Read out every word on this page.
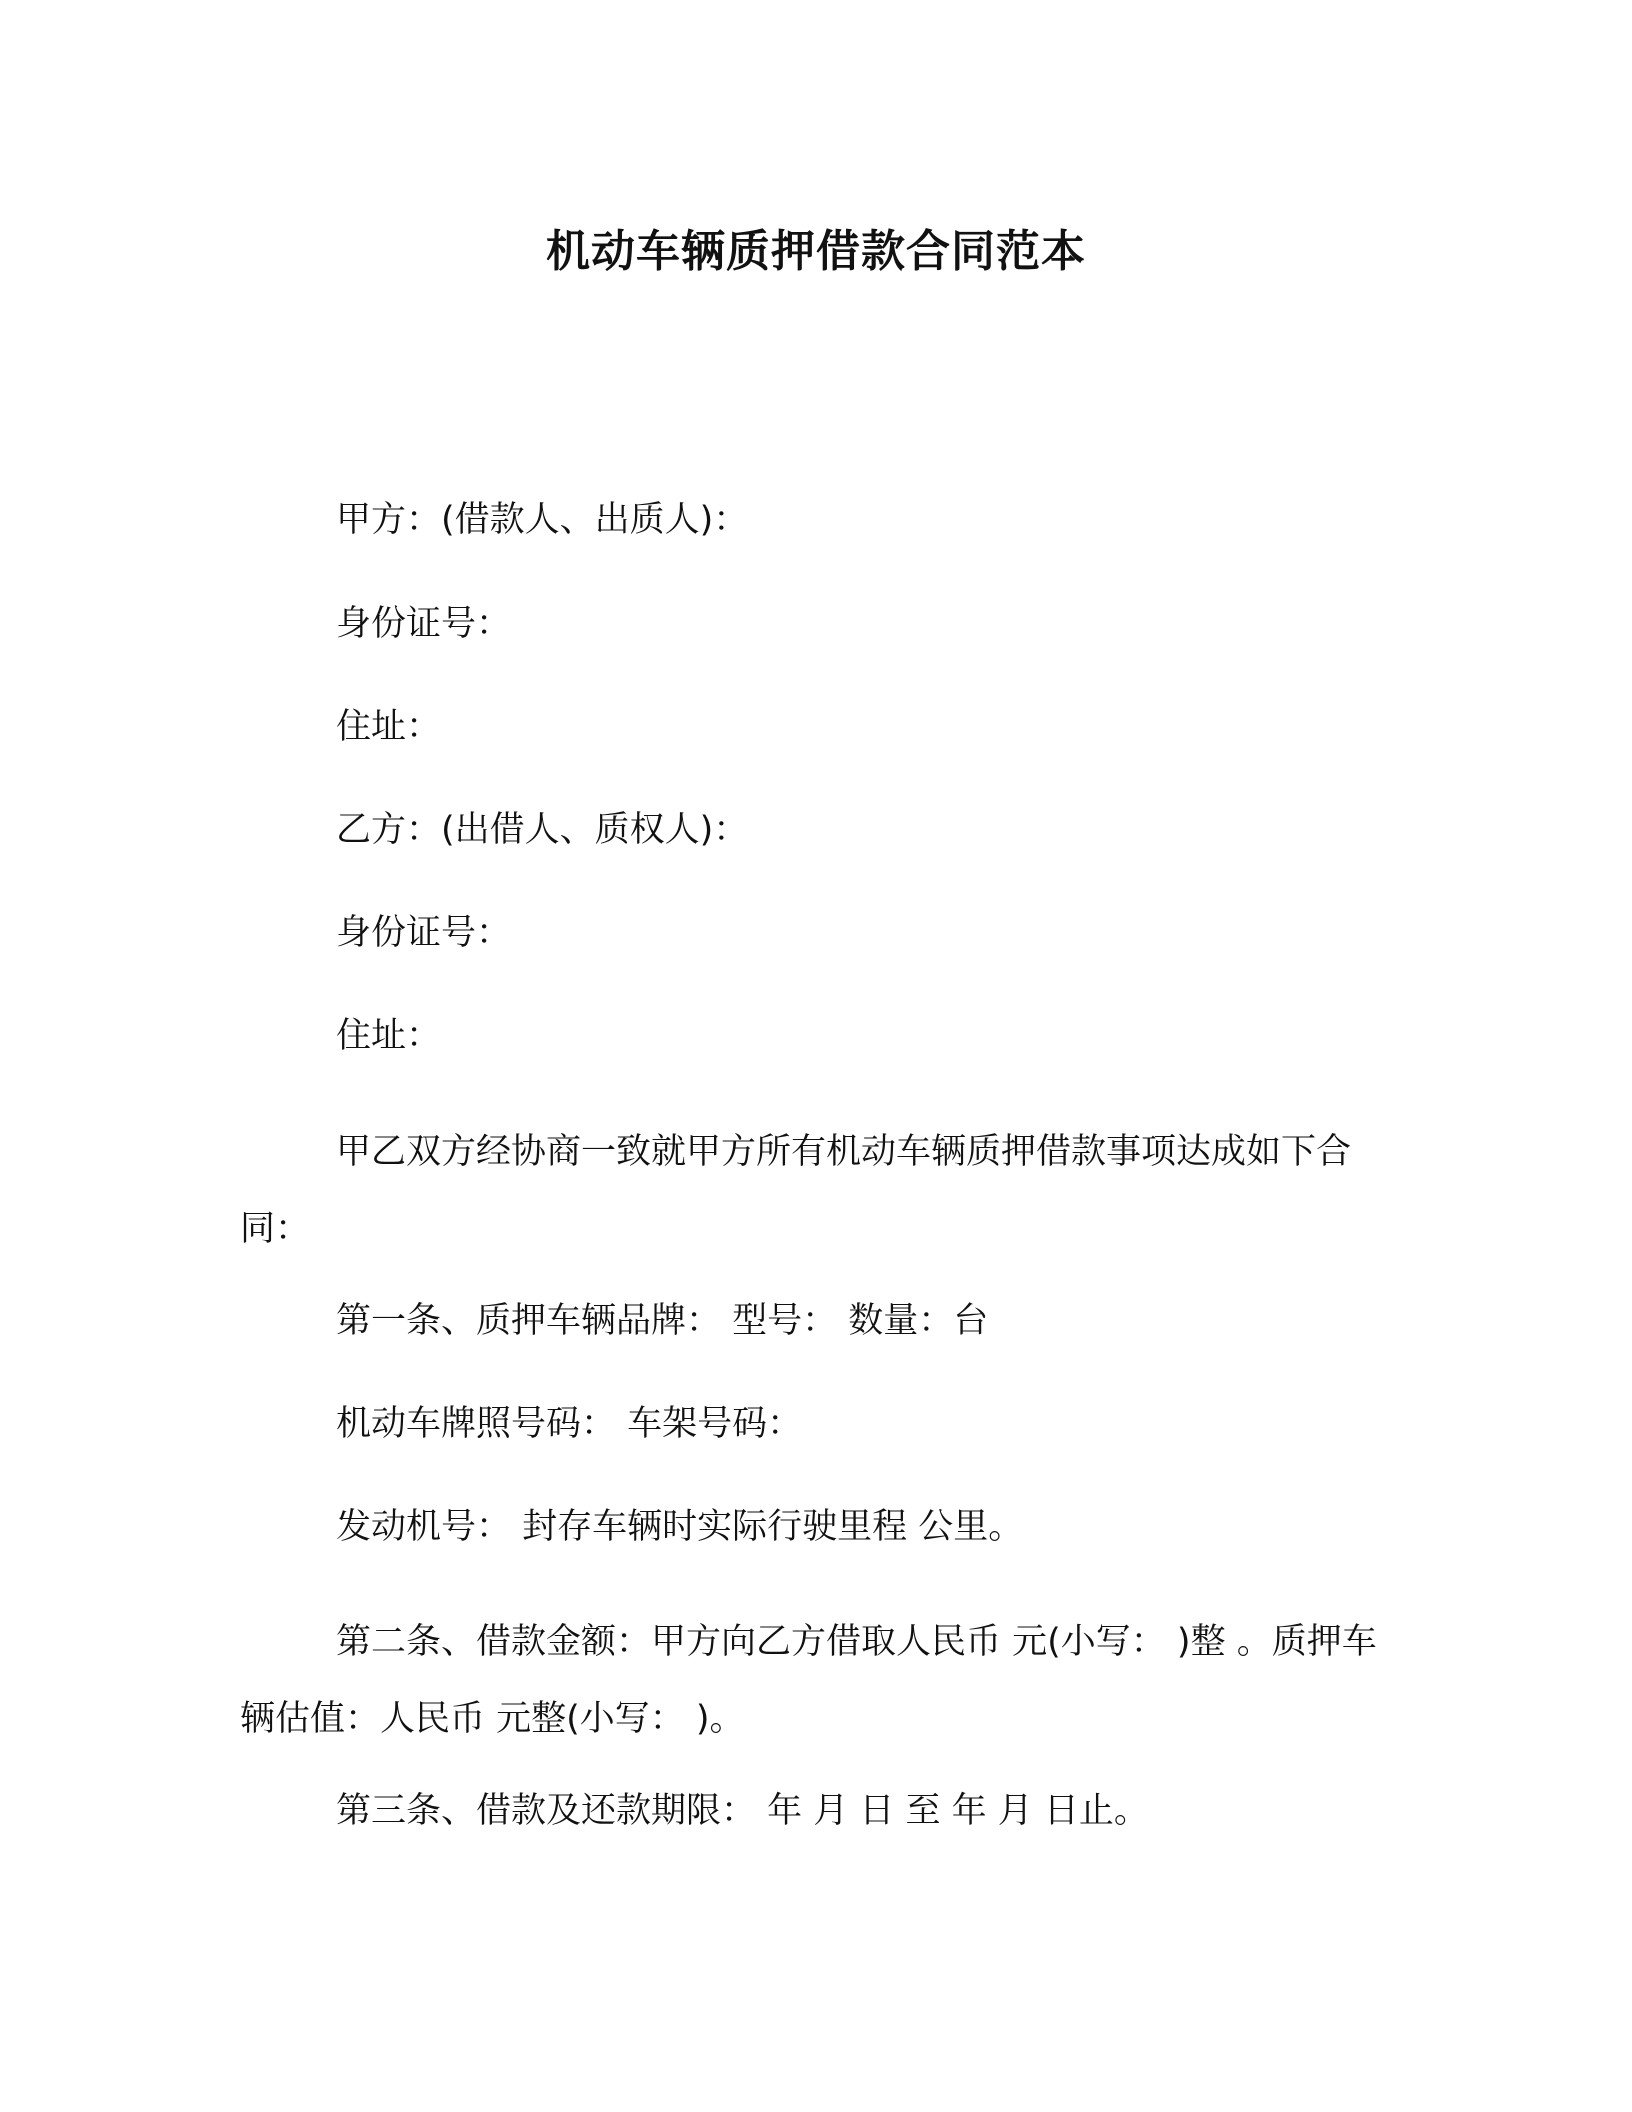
机动车辆质押借款合同范本

甲方：(借款人、出质人)：

身份证号：

住址：

乙方：(出借人、质权人)：

身份证号：

住址：

甲乙双方经协商一致就甲方所有机动车辆质押借款事项达成如下合同：

第一条、质押车辆品牌： 型号： 数量：台

机动车牌照号码： 车架号码：

发动机号： 封存车辆时实际行驶里程 公里。

第二条、借款金额：甲方向乙方借取人民币 元(小写： )整 。质押车辆估值：人民币 元整(小写： )。

第三条、借款及还款期限： 年 月 日 至 年 月 日止。
